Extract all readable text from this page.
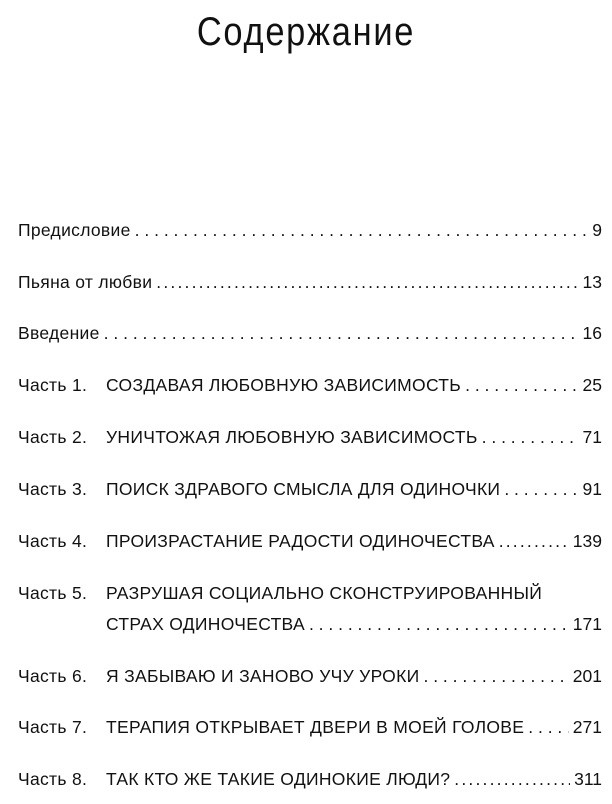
Содержание
Предисловие . . .	9
Пьяна от любви .....	13
Введение . . .	16
Часть 1. СОЗДАВАЯ ЛЮБОВНУЮ ЗАВИСИМОСТЬ . . .	25
Часть 2. УНИЧТОЖАЯ ЛЮБОВНУЮ ЗАВИСИМОСТЬ . . .	71
Часть 3. ПОИСК ЗДРАВОГО СМЫСЛА ДЛЯ ОДИНОЧКИ . . .	91
Часть 4. ПРОИЗРАСТАНИЕ РАДОСТИ ОДИНОЧЕСТВА .....	139
Часть 5. РАЗРУШАЯ СОЦИАЛЬНО СКОНСТРУИРОВАННЫЙ
СТРАХ ОДИНОЧЕСТВА . . .	171
Часть 6. Я ЗАБЫВАЮ И ЗАНОВО УЧУ УРОКИ . . .	201
Часть 7. ТЕРАПИЯ ОТКРЫВАЕТ ДВЕРИ В МОЕЙ ГОЛОВЕ . . .	271
Часть 8. ТАК КТО ЖЕ ТАКИЕ ОДИНОКИЕ ЛЮДИ? .....	311
